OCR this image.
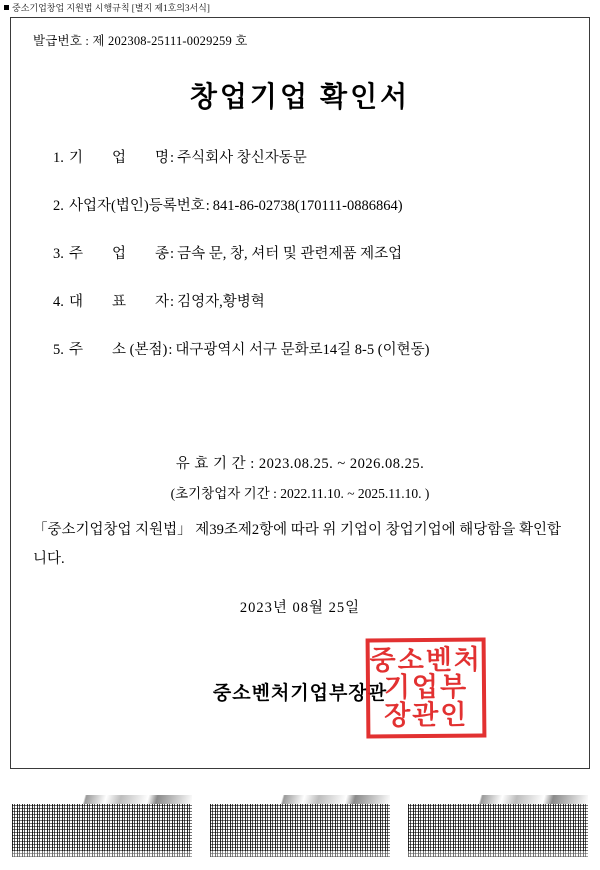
중소기업창업 지원법 시행규칙 [별지 제1호의3서식]
발급번호 : 제 202308-25111-0029259 호
창업기업 확인서
1. 기        업        명 : 주식회사 창신자동문
2. 사업자(법인)등록번호 : 841-86-02738(170111-0886864)
3. 주        업        종 : 금속 문, 창, 셔터 및 관련제품 제조업
4. 대        표        자 : 김영자,황병혁
5. 주        소 (본점) : 대구광역시 서구 문화로14길 8-5 (이현동)
유 효 기 간 : 2023.08.25. ~ 2026.08.25.
(초기창업자 기간 : 2022.11.10. ~ 2025.11.10. )
「중소기업창업 지원법」 제39조제2항에 따라 위 기업이 창업기업에 해당함을 확인합니다.
2023년 08월 25일
중소벤처기업부장관
중소벤처
기업부
장관인
